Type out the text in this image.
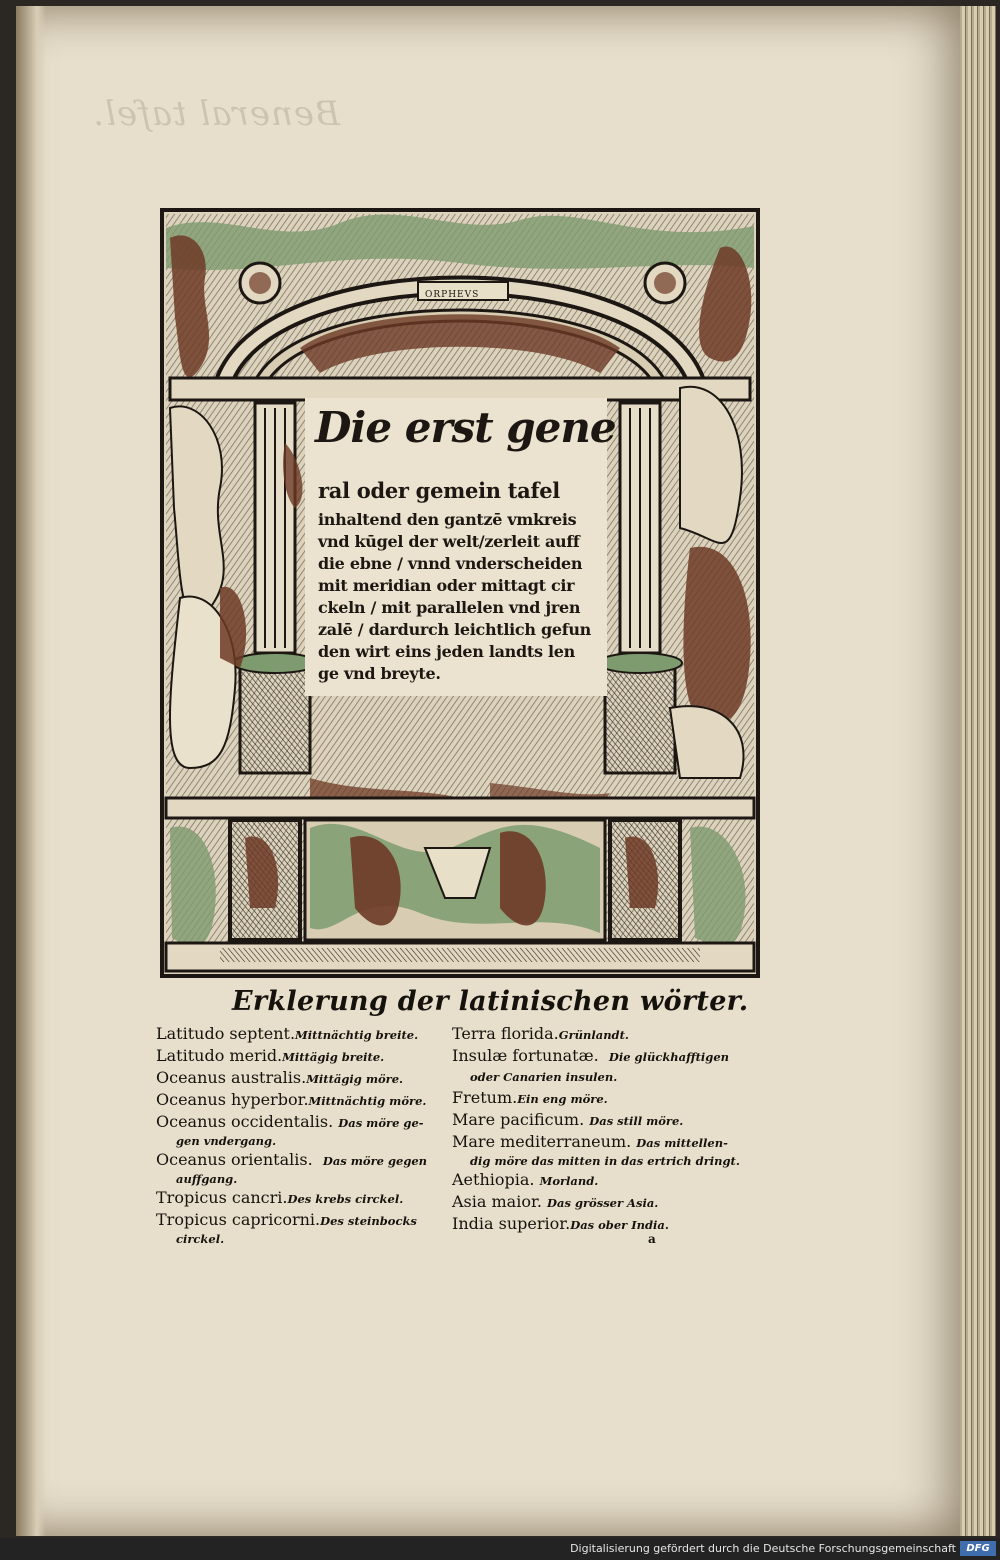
Beneral tafel.
ORPHEVS
Die erst gene
ral oder gemein tafel
inhaltend den gantzē vmkreis
vnd kūgel der welt/zerleit auff
die ebne / vnnd vnderscheiden
mit meridian oder mittagt cir
ckeln / mit parallelen vnd jren
zalē / dardurch leichtlich gefun
den wirt eins jeden landts len
ge vnd breyte.
Erklerung der latinischen wörter.
Latitudo septent.Mittnächtig breite.
Latitudo merid.Mittägig breite.
Oceanus australis.Mittägig möre.
Oceanus hyperbor.Mittnächtig möre.
Oceanus occidentalis. Das möre ge-
gen vndergang.
Oceanus orientalis. Das möre gegen
auffgang.
Tropicus cancri.Des krebs circkel.
Tropicus capricorni.Des steinbocks
circkel.
Terra florida.Grünlandt.
Insulæ fortunatæ. Die glückhafftigen
oder Canarien insulen.
Fretum.Ein eng möre.
Mare pacificum. Das still möre.
Mare mediterraneum. Das mittellen-
dig möre das mitten in das ertrich dringt.
Aethiopia. Morland.
Asia maior. Das grösser Asia.
India superior.Das ober India.
a
Digitalisierung gefördert durch die Deutsche Forschungsgemeinschaft	DFG
